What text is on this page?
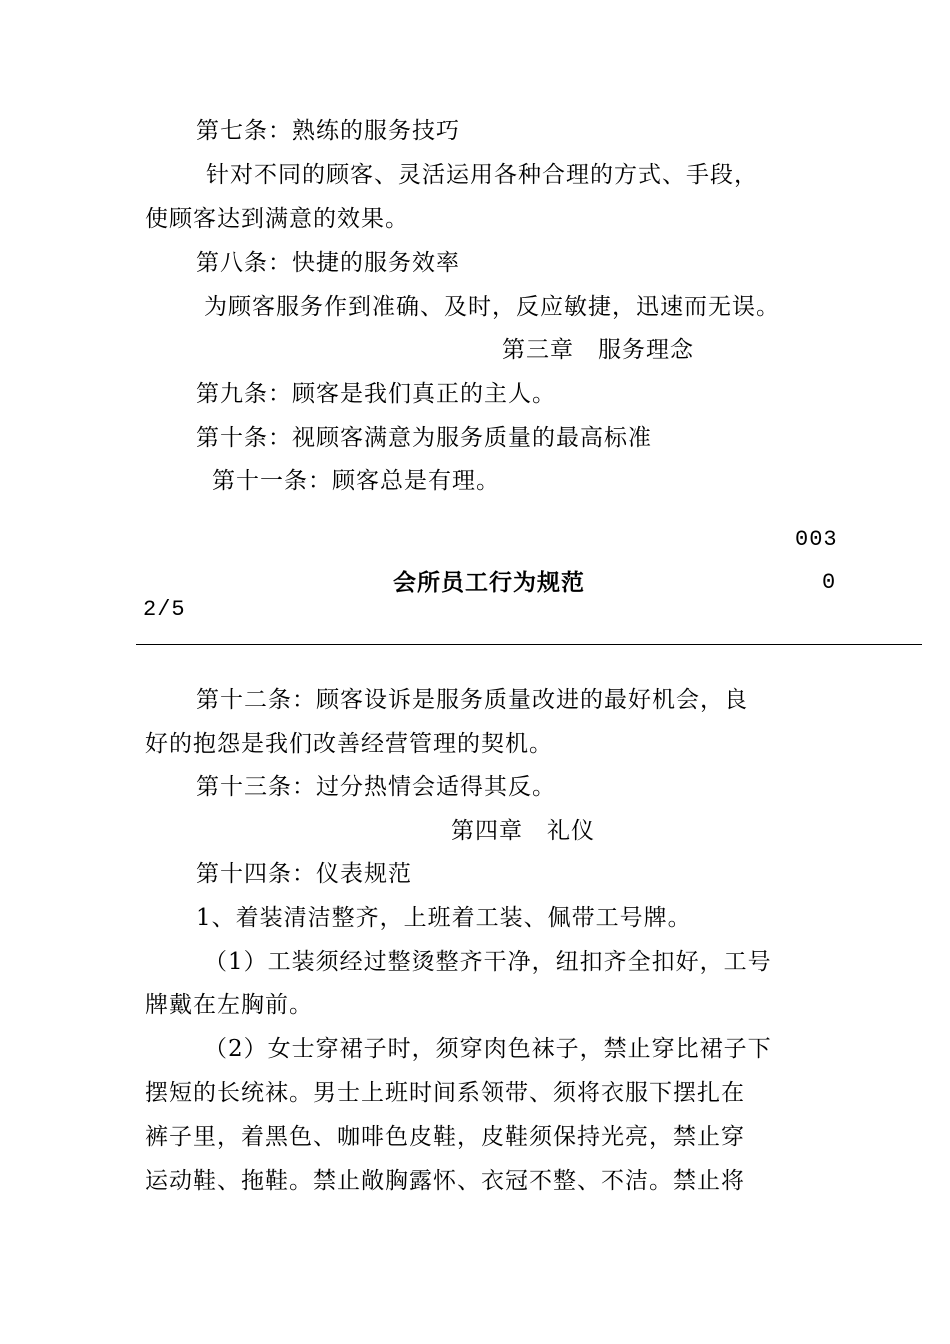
第七条：熟练的服务技巧
针对不同的顾客、灵活运用各种合理的方式、手段，
使顾客达到满意的效果。
第八条：快捷的服务效率
为顾客服务作到准确、及时，反应敏捷，迅速而无误。
第三章　服务理念
第九条：顾客是我们真正的主人。
第十条：视顾客满意为服务质量的最高标准
第十一条：顾客总是有理。
003
会所员工行为规范	0
2/5
第十二条：顾客设诉是服务质量改进的最好机会，良
好的抱怨是我们改善经营管理的契机。
第十三条：过分热情会适得其反。
第四章　礼仪
第十四条：仪表规范
1、着装清洁整齐，上班着工装、佩带工号牌。
（1）工装须经过整烫整齐干净，纽扣齐全扣好，工号
牌戴在左胸前。
（2）女士穿裙子时，须穿肉色袜子，禁止穿比裙子下
摆短的长统袜。男士上班时间系领带、须将衣服下摆扎在
裤子里，着黑色、咖啡色皮鞋，皮鞋须保持光亮，禁止穿
运动鞋、拖鞋。禁止敞胸露怀、衣冠不整、不洁。禁止将
